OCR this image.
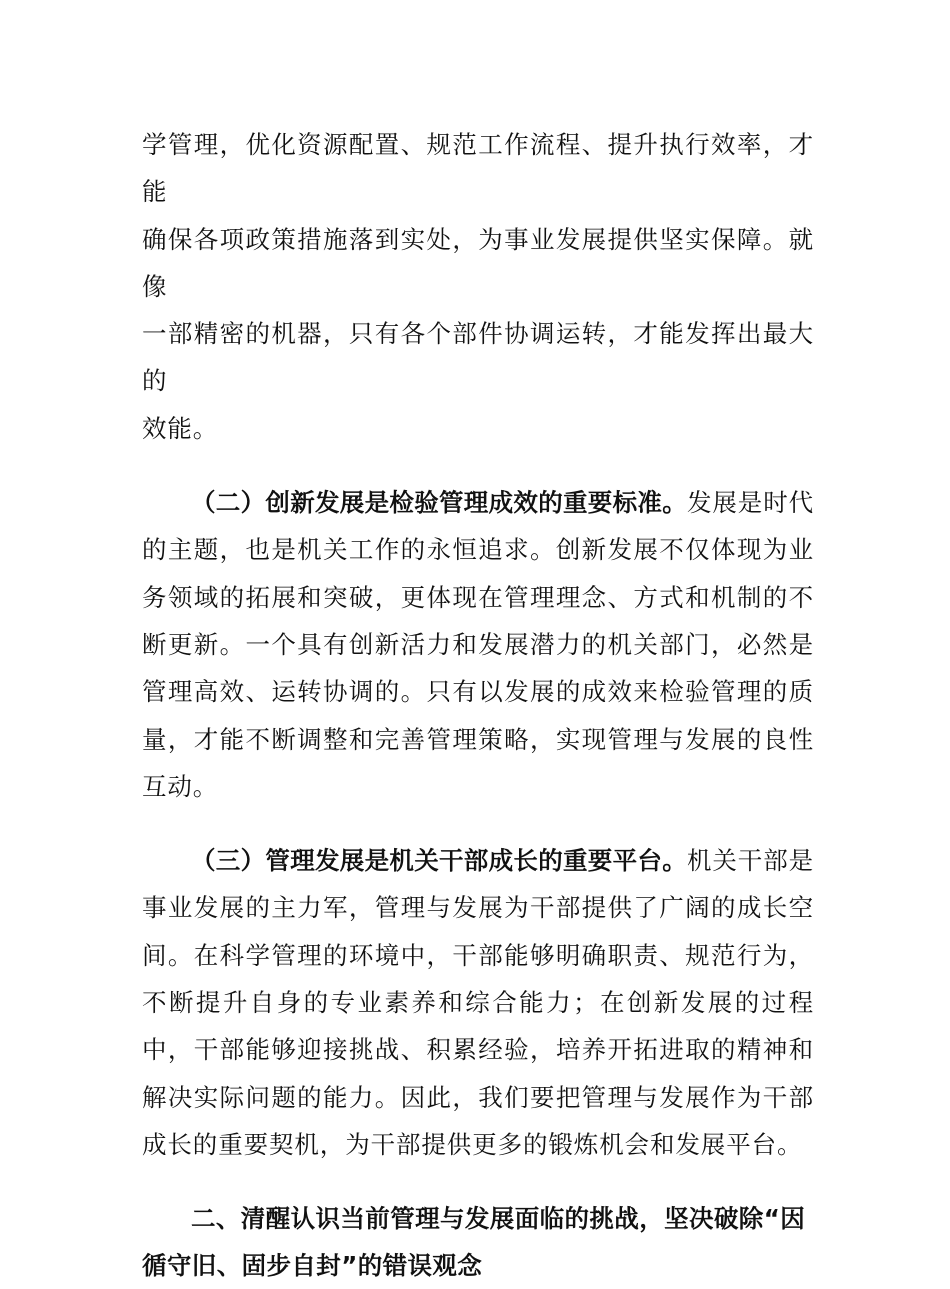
学管理，优化资源配置、规范工作流程、提升执行效率，才能
确保各项政策措施落到实处，为事业发展提供坚实保障。就像
一部精密的机器，只有各个部件协调运转，才能发挥出最大的
效能。

（二）创新发展是检验管理成效的重要标准。发展是时代的主题，也是机关工作的永恒追求。创新发展不仅体现为业务领域的拓展和突破，更体现在管理理念、方式和机制的不断更新。一个具有创新活力和发展潜力的机关部门，必然是管理高效、运转协调的。只有以发展的成效来检验管理的质量，才能不断调整和完善管理策略，实现管理与发展的良性互动。

（三）管理发展是机关干部成长的重要平台。机关干部是事业发展的主力军，管理与发展为干部提供了广阔的成长空间。在科学管理的环境中，干部能够明确职责、规范行为，不断提升自身的专业素养和综合能力；在创新发展的过程中，干部能够迎接挑战、积累经验，培养开拓进取的精神和解决实际问题的能力。因此，我们要把管理与发展作为干部成长的重要契机，为干部提供更多的锻炼机会和发展平台。

二、清醒认识当前管理与发展面临的挑战，坚决破除“因循守旧、固步自封”的错误观念
